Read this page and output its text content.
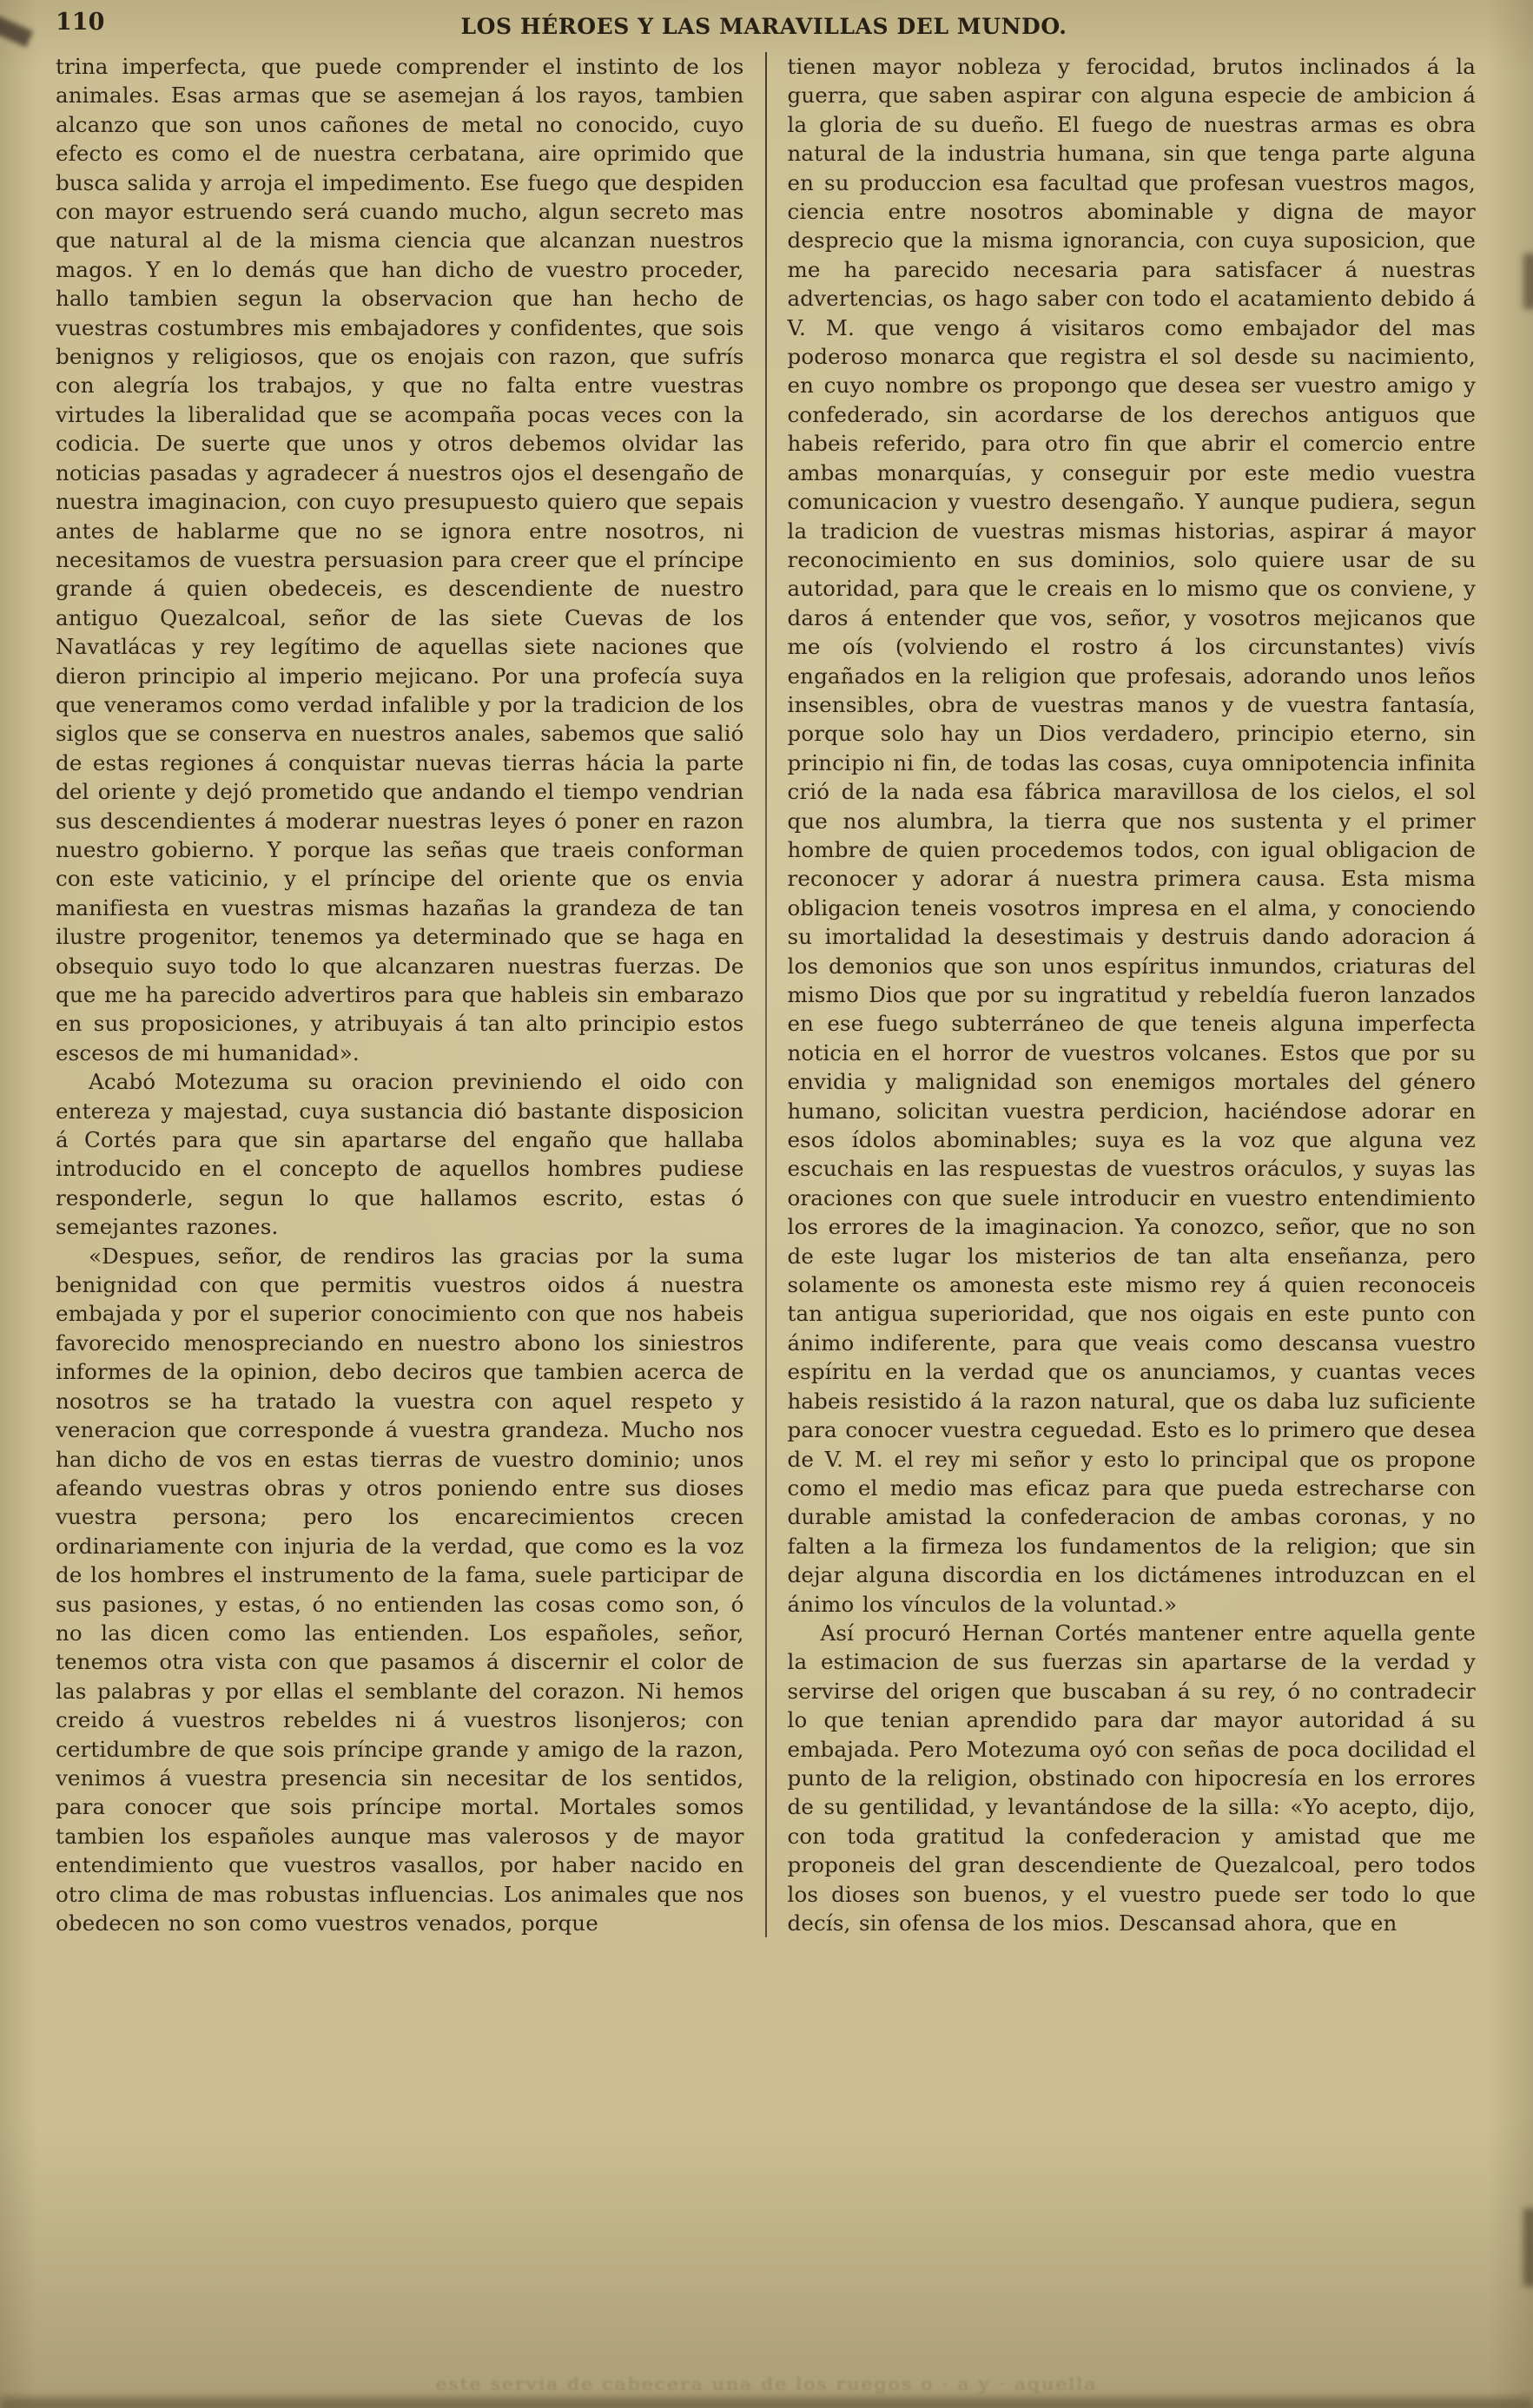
110	LOS HÉROES Y LAS MARAVILLAS DEL MUNDO.

trina imperfecta, que puede comprender el instinto de los animales. Esas armas que se asemejan á los rayos, tambien alcanzo que son unos cañones de metal no conocido, cuyo efecto es como el de nuestra cerbatana, aire oprimido que busca salida y arroja el impedimento. Ese fuego que despiden con mayor estruendo será cuando mucho, algun secreto mas que natural al de la misma ciencia que alcanzan nuestros magos. Y en lo demás que han dicho de vuestro proceder, hallo tambien segun la observacion que han hecho de vuestras costumbres mis embajadores y confidentes, que sois benignos y religiosos, que os enojais con razon, que sufrís con alegría los trabajos, y que no falta entre vuestras virtudes la liberalidad que se acompaña pocas veces con la codicia. De suerte que unos y otros debemos olvidar las noticias pasadas y agradecer á nuestros ojos el desengaño de nuestra imaginacion, con cuyo presupuesto quiero que sepais antes de hablarme que no se ignora entre nosotros, ni necesitamos de vuestra persuasion para creer que el príncipe grande á quien obedeceis, es descendiente de nuestro antiguo Quezalcoal, señor de las siete Cuevas de los Navatlácas y rey legítimo de aquellas siete naciones que dieron principio al imperio mejicano. Por una profecía suya que veneramos como verdad infalible y por la tradicion de los siglos que se conserva en nuestros anales, sabemos que salió de estas regiones á conquistar nuevas tierras hácia la parte del oriente y dejó prometido que andando el tiempo vendrian sus descendientes á moderar nuestras leyes ó poner en razon nuestro gobierno. Y porque las señas que traeis conforman con este vaticinio, y el príncipe del oriente que os envia manifiesta en vuestras mismas hazañas la grandeza de tan ilustre progenitor, tenemos ya determinado que se haga en obsequio suyo todo lo que alcanzaren nuestras fuerzas. De que me ha parecido advertiros para que hableis sin embarazo en sus proposiciones, y atribuyais á tan alto principio estos escesos de mi humanidad».

Acabó Motezuma su oracion previniendo el oido con entereza y majestad, cuya sustancia dió bastante disposicion á Cortés para que sin apartarse del engaño que hallaba introducido en el concepto de aquellos hombres pudiese responderle, segun lo que hallamos escrito, estas ó semejantes razones.

«Despues, señor, de rendiros las gracias por la suma benignidad con que permitis vuestros oidos á nuestra embajada y por el superior conocimiento con que nos habeis favorecido menospreciando en nuestro abono los siniestros informes de la opinion, debo deciros que tambien acerca de nosotros se ha tratado la vuestra con aquel respeto y veneracion que corresponde á vuestra grandeza. Mucho nos han dicho de vos en estas tierras de vuestro dominio; unos afeando vuestras obras y otros poniendo entre sus dioses vuestra persona; pero los encarecimientos crecen ordinariamente con injuria de la verdad, que como es la voz de los hombres el instrumento de la fama, suele participar de sus pasiones, y estas, ó no entienden las cosas como son, ó no las dicen como las entienden. Los españoles, señor, tenemos otra vista con que pasamos á discernir el color de las palabras y por ellas el semblante del corazon. Ni hemos creido á vuestros rebeldes ni á vuestros lisonjeros; con certidumbre de que sois príncipe grande y amigo de la razon, venimos á vuestra presencia sin necesitar de los sentidos, para conocer que sois príncipe mortal. Mortales somos tambien los españoles aunque mas valerosos y de mayor entendimiento que vuestros vasallos, por haber nacido en otro clima de mas robustas influencias. Los animales que nos obedecen no son como vuestros venados, porque

tienen mayor nobleza y ferocidad, brutos inclinados á la guerra, que saben aspirar con alguna especie de ambicion á la gloria de su dueño. El fuego de nuestras armas es obra natural de la industria humana, sin que tenga parte alguna en su produccion esa facultad que profesan vuestros magos, ciencia entre nosotros abominable y digna de mayor desprecio que la misma ignorancia, con cuya suposicion, que me ha parecido necesaria para satisfacer á nuestras advertencias, os hago saber con todo el acatamiento debido á V. M. que vengo á visitaros como embajador del mas poderoso monarca que registra el sol desde su nacimiento, en cuyo nombre os propongo que desea ser vuestro amigo y confederado, sin acordarse de los derechos antiguos que habeis referido, para otro fin que abrir el comercio entre ambas monarquías, y conseguir por este medio vuestra comunicacion y vuestro desengaño. Y aunque pudiera, segun la tradicion de vuestras mismas historias, aspirar á mayor reconocimiento en sus dominios, solo quiere usar de su autoridad, para que le creais en lo mismo que os conviene, y daros á entender que vos, señor, y vosotros mejicanos que me oís (volviendo el rostro á los circunstantes) vivís engañados en la religion que profesais, adorando unos leños insensibles, obra de vuestras manos y de vuestra fantasía, porque solo hay un Dios verdadero, principio eterno, sin principio ni fin, de todas las cosas, cuya omnipotencia infinita crió de la nada esa fábrica maravillosa de los cielos, el sol que nos alumbra, la tierra que nos sustenta y el primer hombre de quien procedemos todos, con igual obligacion de reconocer y adorar á nuestra primera causa. Esta misma obligacion teneis vosotros impresa en el alma, y conociendo su imortalidad la desestimais y destruis dando adoracion á los demonios que son unos espíritus inmundos, criaturas del mismo Dios que por su ingratitud y rebeldía fueron lanzados en ese fuego subterráneo de que teneis alguna imperfecta noticia en el horror de vuestros volcanes. Estos que por su envidia y malignidad son enemigos mortales del género humano, solicitan vuestra perdicion, haciéndose adorar en esos ídolos abominables; suya es la voz que alguna vez escuchais en las respuestas de vuestros oráculos, y suyas las oraciones con que suele introducir en vuestro entendimiento los errores de la imaginacion. Ya conozco, señor, que no son de este lugar los misterios de tan alta enseñanza, pero solamente os amonesta este mismo rey á quien reconoceis tan antigua superioridad, que nos oigais en este punto con ánimo indiferente, para que veais como descansa vuestro espíritu en la verdad que os anunciamos, y cuantas veces habeis resistido á la razon natural, que os daba luz suficiente para conocer vuestra ceguedad. Esto es lo primero que desea de V. M. el rey mi señor y esto lo principal que os propone como el medio mas eficaz para que pueda estrecharse con durable amistad la confederacion de ambas coronas, y no falten a la firmeza los fundamentos de la religion; que sin dejar alguna discordia en los dictámenes introduzcan en el ánimo los vínculos de la voluntad.»

Así procuró Hernan Cortés mantener entre aquella gente la estimacion de sus fuerzas sin apartarse de la verdad y servirse del origen que buscaban á su rey, ó no contradecir lo que tenian aprendido para dar mayor autoridad á su embajada. Pero Motezuma oyó con señas de poca docilidad el punto de la religion, obstinado con hipocresía en los errores de su gentilidad, y levantándose de la silla: «Yo acepto, dijo, con toda gratitud la confederacion y amistad que me proponeis del gran descendiente de Quezalcoal, pero todos los dioses son buenos, y el vuestro puede ser todo lo que decís, sin ofensa de los mios. Descansad ahora, que en

este servia de cabecera una de los ruegos o · a y · aquella
